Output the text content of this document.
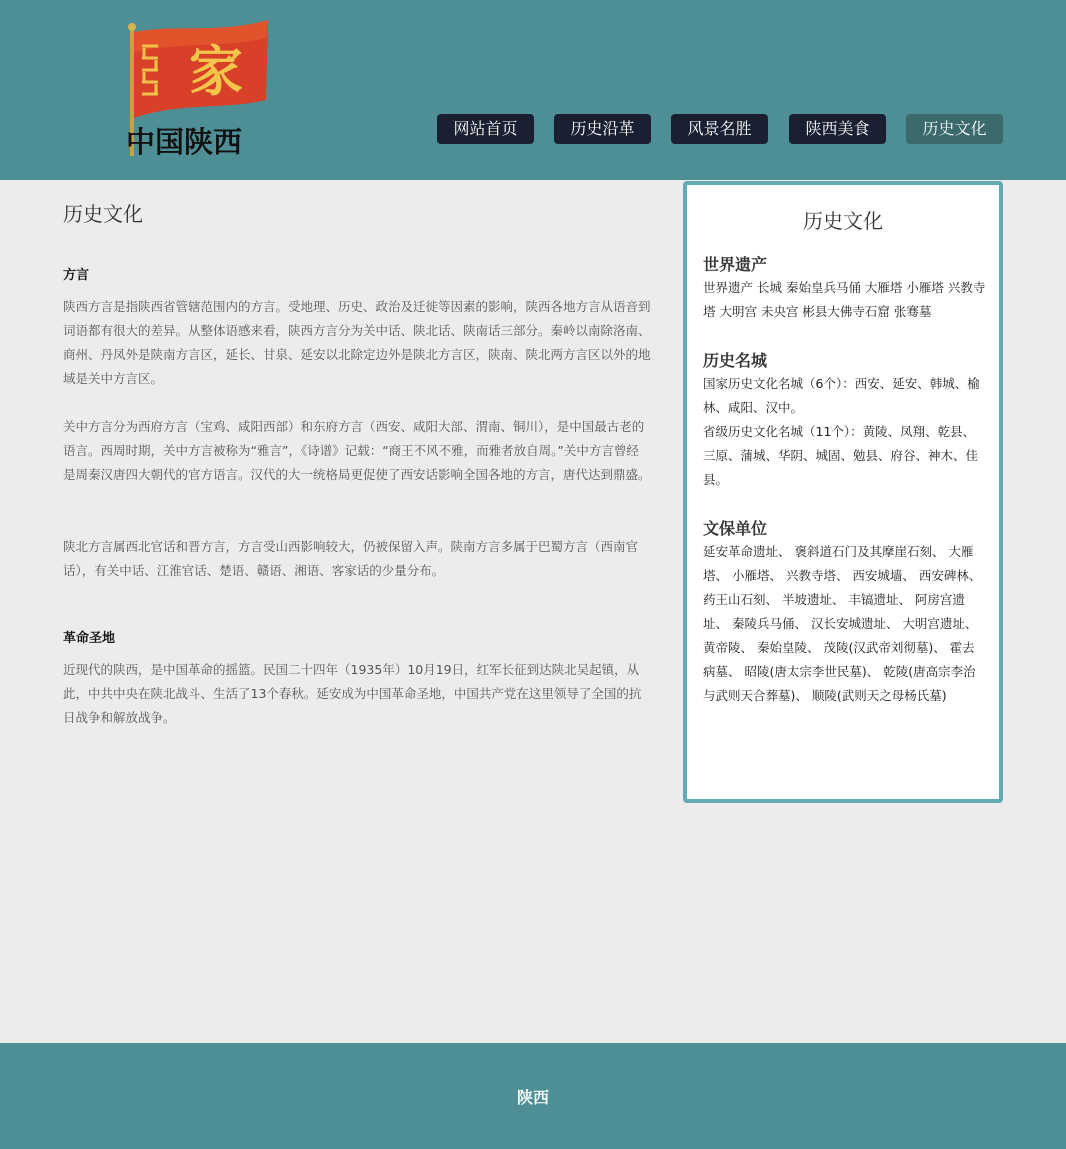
家
中国陕西	网站首页	历史沿革	风景名胜	陕西美食	历史文化
历史文化
方言

陕西方言是指陕西省管辖范围内的方言。受地理、历史、政治及迁徙等因素的影响，陕西各地方言从语音到词语都有很大的差异。从整体语感来看，陕西方言分为关中话、陕北话、陕南话三部分。秦岭以南除洛南、商州、丹凤外是陕南方言区，延长、甘泉、延安以北除定边外是陕北方言区，陕南、陕北两方言区以外的地域是关中方言区。

关中方言分为西府方言（宝鸡、咸阳西部）和东府方言（西安、咸阳大部、渭南、铜川），是中国最古老的语言。西周时期，关中方言被称为“雅言”，《诗谱》记载：“商王不风不雅，而雅者放自周。”关中方言曾经是周秦汉唐四大朝代的官方语言。汉代的大一统格局更促使了西安话影响全国各地的方言，唐代达到鼎盛。

陕北方言属西北官话和晋方言，方言受山西影响较大，仍被保留入声。陕南方言多属于巴蜀方言（西南官话），有关中话、江淮官话、楚语、赣语、湘语、客家话的少量分布。

革命圣地

近现代的陕西，是中国革命的摇篮。民国二十四年（1935年）10月19日，红军长征到达陕北吴起镇，从此，中共中央在陕北战斗、生活了13个春秋。延安成为中国革命圣地，中国共产党在这里领导了全国的抗日战争和解放战争。

历史文化
世界遗产
世界遗产 长城 秦始皇兵马俑 大雁塔 小雁塔 兴教寺塔 大明宫 未央宫 彬县大佛寺石窟 张骞墓
历史名城
国家历史文化名城（6个）：西安、延安、韩城、榆林、咸阳、汉中。
省级历史文化名城（11个）：黄陵、凤翔、乾县、三原、蒲城、华阴、城固、勉县、府谷、神木、佳县。
文保单位
延安革命遗址、 褒斜道石门及其摩崖石刻、 大雁塔、 小雁塔、 兴教寺塔、 西安城墙、 西安碑林、 药王山石刻、 半坡遗址、 丰镐遗址、 阿房宫遗址、 秦陵兵马俑、 汉长安城遗址、 大明宫遗址、 黄帝陵、 秦始皇陵、 茂陵(汉武帝刘彻墓)、 霍去病墓、 昭陵(唐太宗李世民墓)、 乾陵(唐高宗李治与武则天合葬墓)、 顺陵(武则天之母杨氏墓)
陕西
